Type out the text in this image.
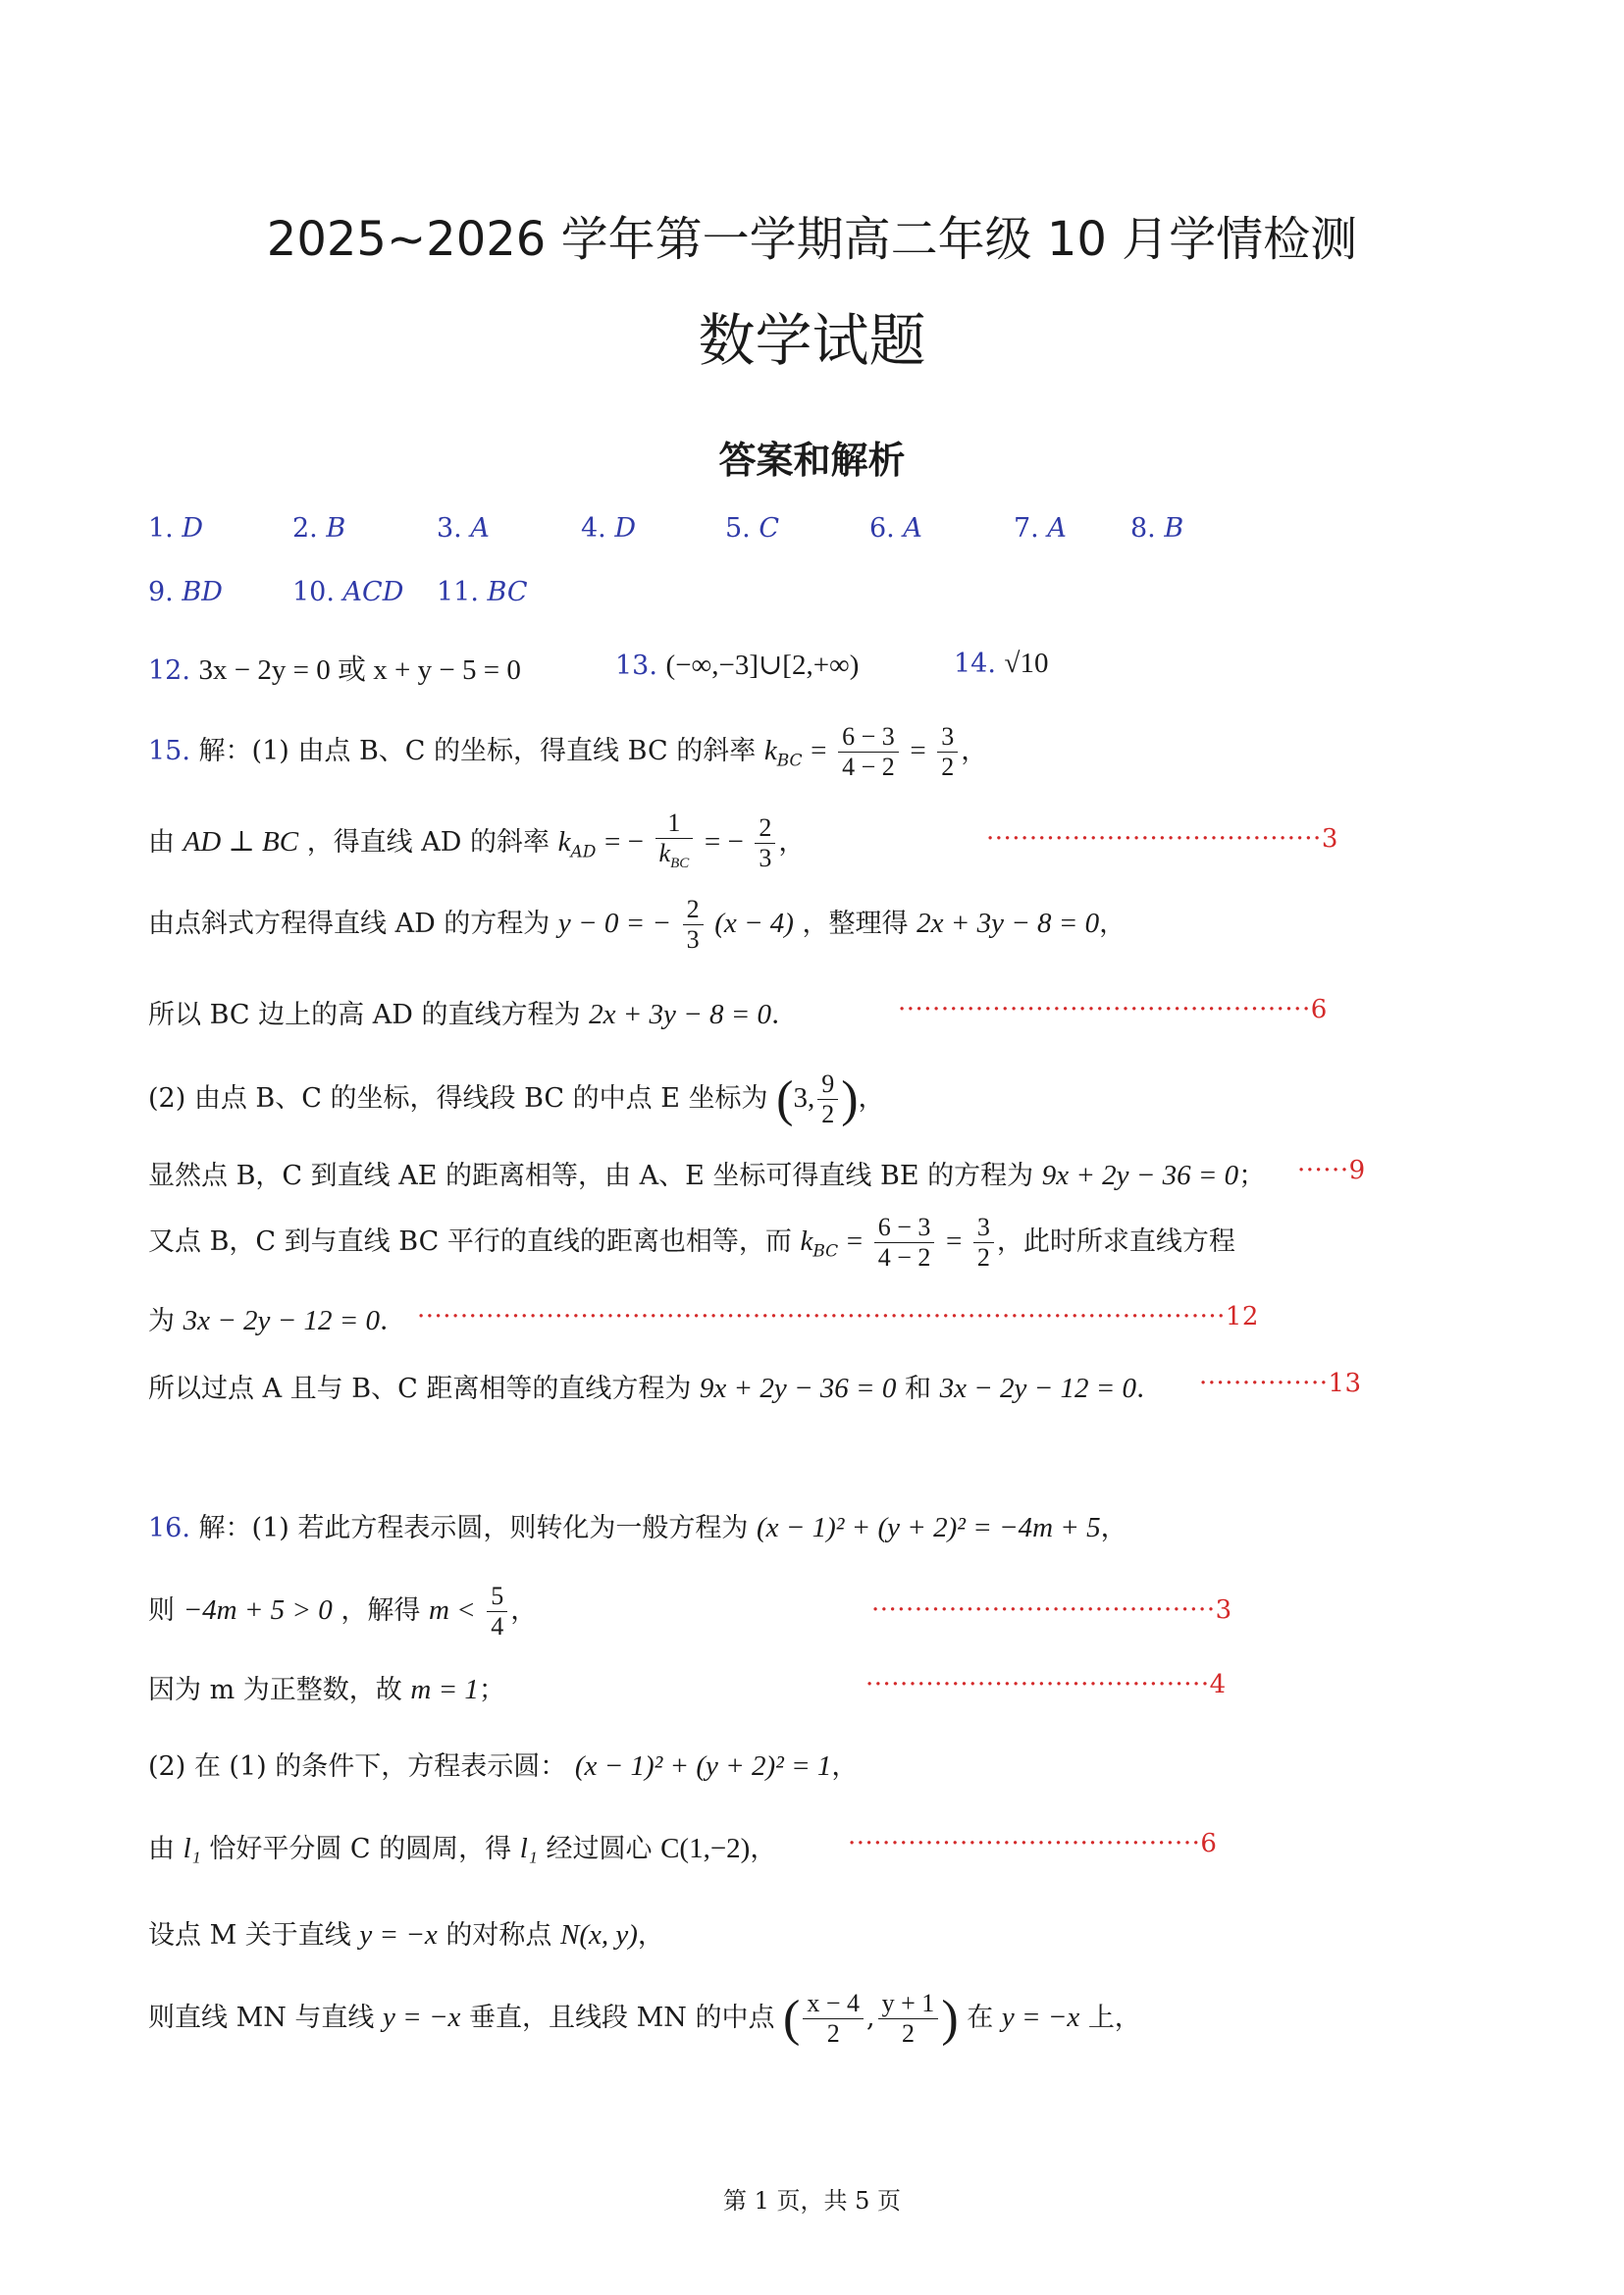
2025~2026 学年第一学期高二年级 10 月学情检测
数学试题
答案和解析
1. D	2. B	3. A	4. D	5. C	6. A	7. A 8. B
9. BD	10. ACD 11. BC
12. 3x − 2y = 0 或 x + y − 5 = 0	13. (−∞,−3]∪[2,+∞)	14. √10
15. 解：(1) 由点 B、C 的坐标，得直线 BC 的斜率 $k_{BC} = \frac{6 - 3}{4 - 2} = \frac{3}{2}$ ，
由 AD ⊥ BC ，得直线 AD 的斜率 $k_{AD}$ = − $\frac{1}{k_{BC}}$ = − $\frac{2}{3}$ ，	·······································3
由点斜式方程得直线 AD 的方程为 y − 0 = − $\frac{2}{3} (x - 4)$ ，整理得 2x + 3y − 8 = 0，
所以 BC 边上的高 AD 的直线方程为 2x + 3y − 8 = 0．	················································6
(2) 由点 B、C 的坐标，得线段 BC 的中点 E 坐标为 (3, $\frac{9}{2}$ )，
显然点 B，C 到直线 AE 的距离相等，由 A、E 坐标可得直线 BE 的方程为 9x + 2y − 36 = 0； ······9
又点 B，C 到与直线 BC 平行的直线的距离也相等，而 $k_{BC} = \frac{6 - 3}{4 - 2} = \frac{3}{2}$ ，此时所求直线方程
为 3x − 2y − 12 = 0． ······························································································12
所以过点 A 且与 B、C 距离相等的直线方程为 9x + 2y − 36 = 0 和 3x − 2y − 12 = 0． ···············13
16. 解：(1) 若此方程表示圆，则转化为一般方程为 (x − 1)² + (y + 2)² = −4m + 5，
则 −4m + 5 > 0 ，解得 $m < \frac{5}{4}$ ，	········································3
因为 m 为正整数，故 m = 1；	········································4
(2) 在 (1) 的条件下，方程表示圆： (x − 1)² + (y + 2)² = 1，
由 l₁ 恰好平分圆 C 的圆周，得 l₁ 经过圆心 C(1,−2)，	·········································6
设点 M 关于直线 y = −x 的对称点 N(x, y)，
则直线 MN 与直线 y = −x 垂直，且线段 MN 的中点 ( $\frac{x - 4}{2}$ , $\frac{y + 1}{2}$ ) 在 y = −x 上，
第 1 页，共 5 页
